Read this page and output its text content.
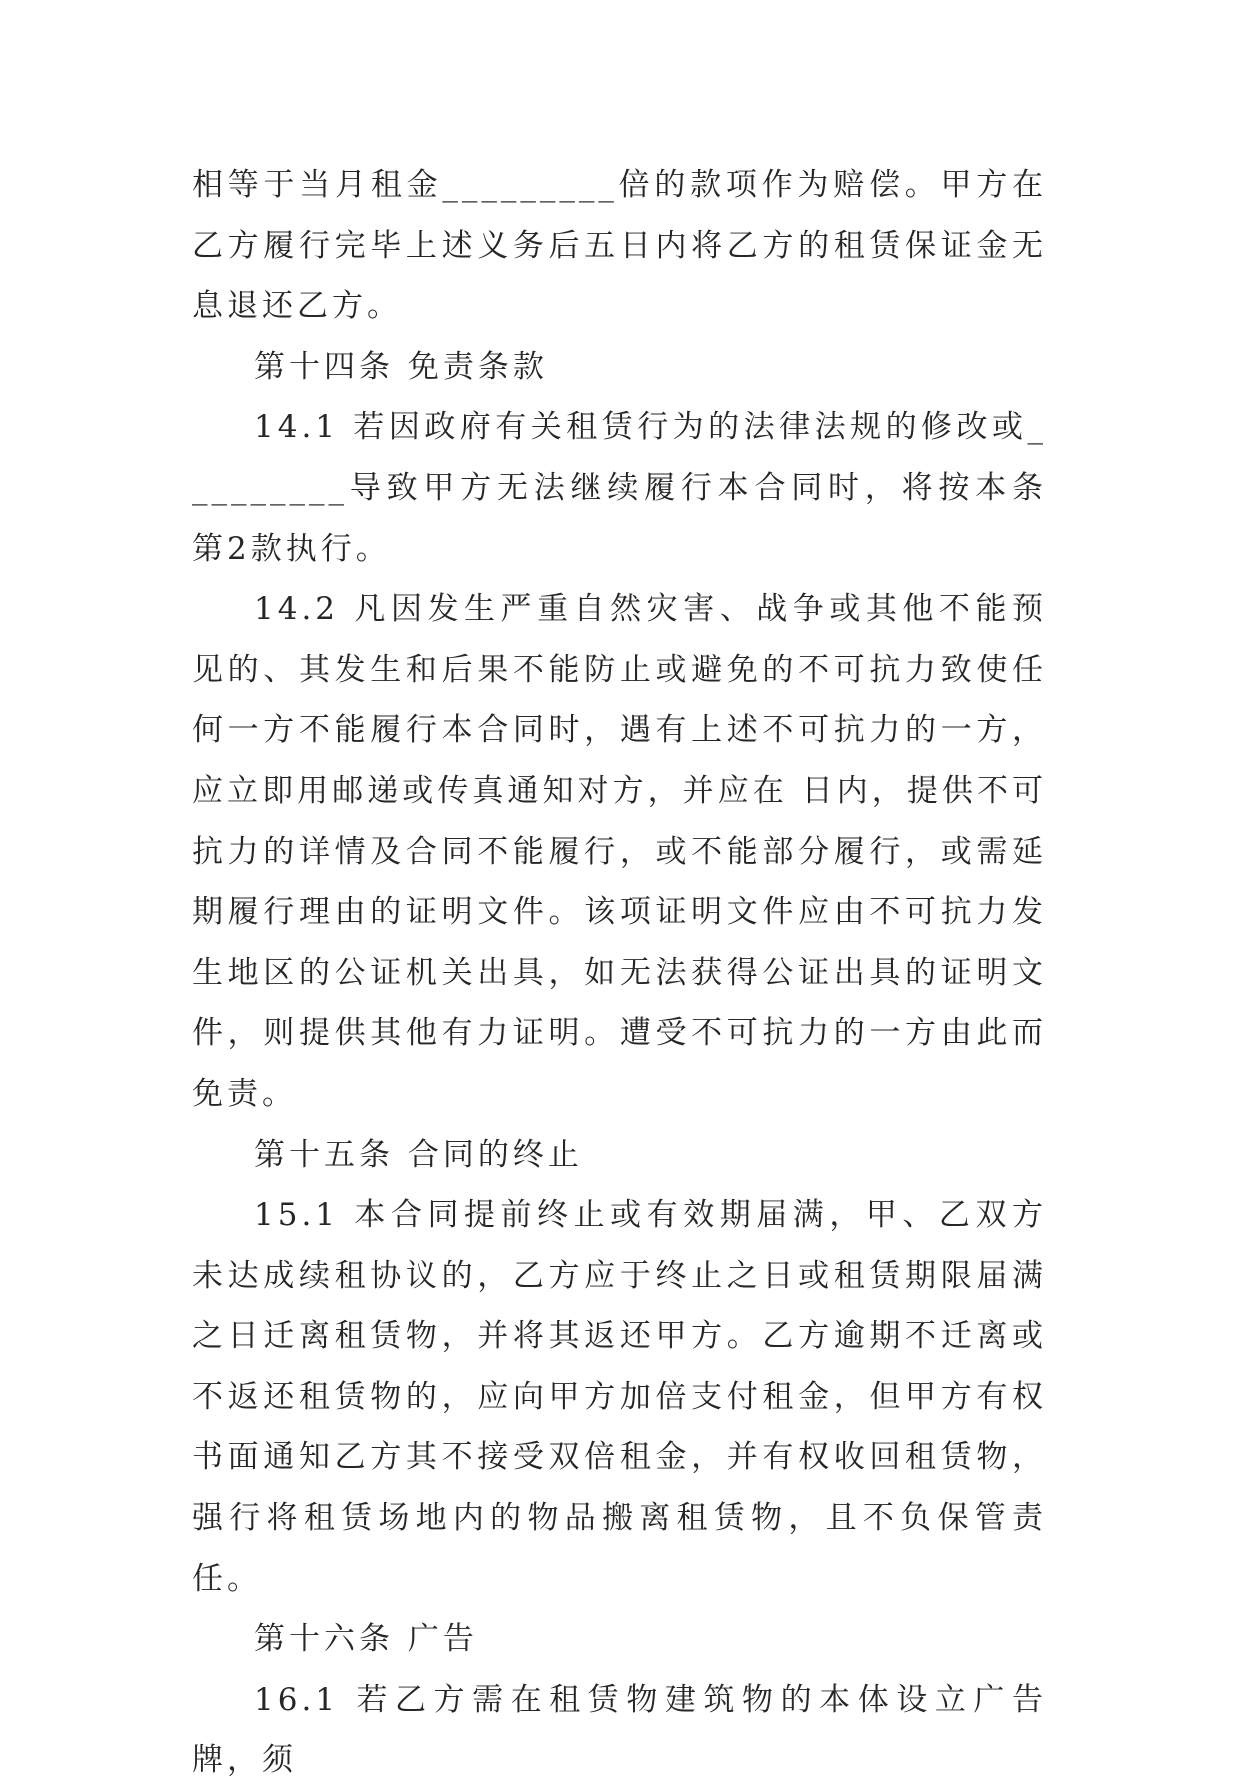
相等于当月租金_________倍的款项作为赔偿。甲方在乙方履行完毕上述义务后五日内将乙方的租赁保证金无息退还乙方。

第十四条 免责条款

14.1 若因政府有关租赁行为的法律法规的修改或_________导致甲方无法继续履行本合同时，将按本条第2款执行。

14.2 凡因发生严重自然灾害、战争或其他不能预见的、其发生和后果不能防止或避免的不可抗力致使任何一方不能履行本合同时，遇有上述不可抗力的一方，应立即用邮递或传真通知对方，并应在 日内，提供不可抗力的详情及合同不能履行，或不能部分履行，或需延期履行理由的证明文件。该项证明文件应由不可抗力发生地区的公证机关出具，如无法获得公证出具的证明文件，则提供其他有力证明。遭受不可抗力的一方由此而免责。

第十五条 合同的终止

15.1 本合同提前终止或有效期届满，甲、乙双方未达成续租协议的，乙方应于终止之日或租赁期限届满之日迁离租赁物，并将其返还甲方。乙方逾期不迁离或不返还租赁物的，应向甲方加倍支付租金，但甲方有权书面通知乙方其不接受双倍租金，并有权收回租赁物，强行将租赁场地内的物品搬离租赁物，且不负保管责任。

第十六条 广告

16.1 若乙方需在租赁物建筑物的本体设立广告牌，须
